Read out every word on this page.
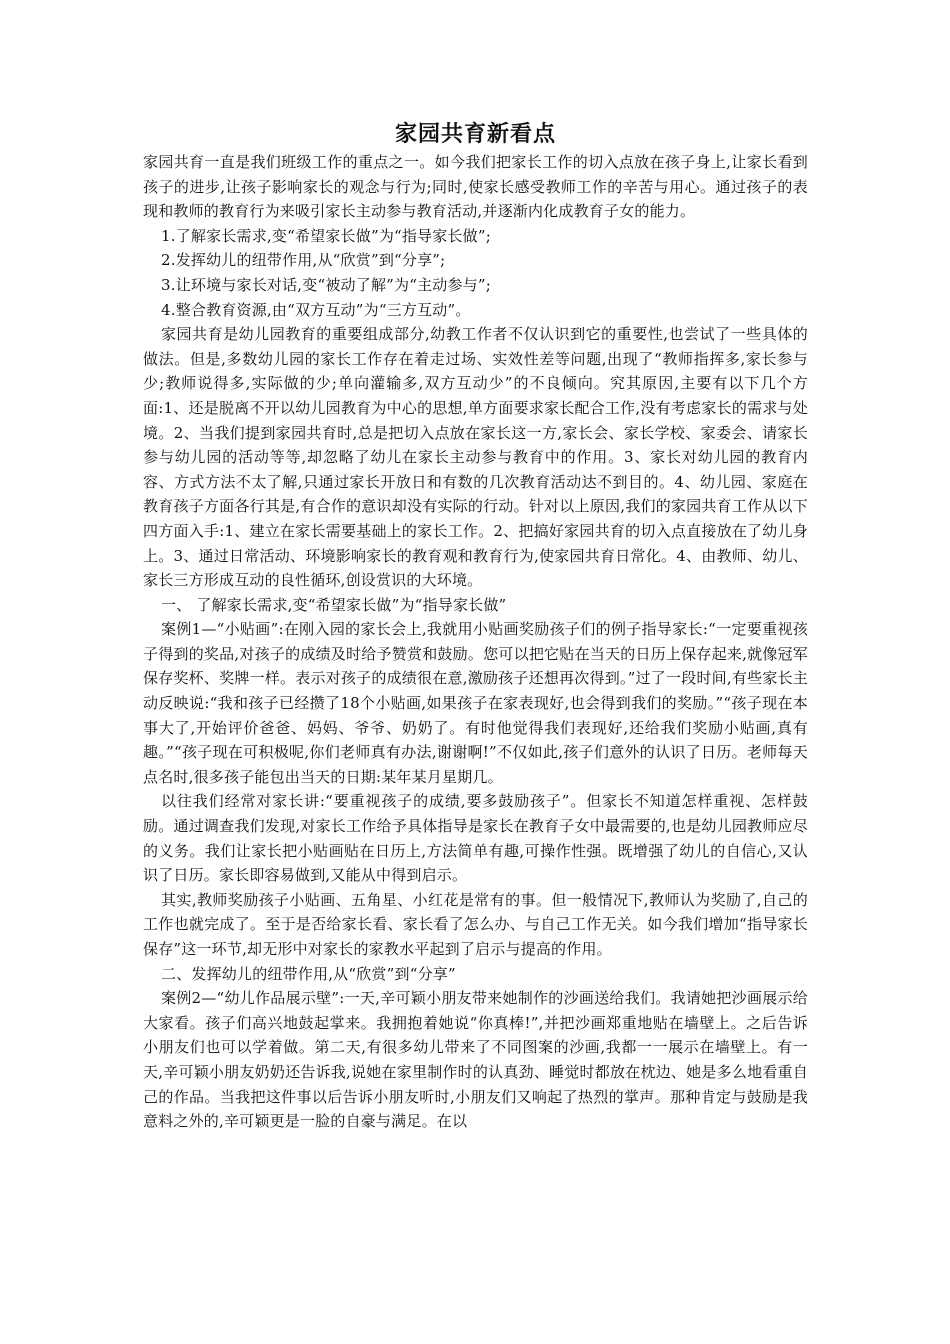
家园共育新看点

家园共育一直是我们班级工作的重点之一。如今我们把家长工作的切入点放在孩子身上,让家长看到孩子的进步,让孩子影响家长的观念与行为;同时,使家长感受教师工作的辛苦与用心。通过孩子的表现和教师的教育行为来吸引家长主动参与教育活动,并逐渐内化成教育子女的能力。

1.了解家长需求,变“希望家长做”为“指导家长做”;

2.发挥幼儿的纽带作用,从“欣赏”到“分享”;

3.让环境与家长对话,变“被动了解”为“主动参与”;

4.整合教育资源,由“双方互动”为“三方互动”。

家园共育是幼儿园教育的重要组成部分,幼教工作者不仅认识到它的重要性,也尝试了一些具体的做法。但是,多数幼儿园的家长工作存在着走过场、实效性差等问题,出现了“教师指挥多,家长参与少;教师说得多,实际做的少;单向灌输多,双方互动少”的不良倾向。究其原因,主要有以下几个方面:1、还是脱离不开以幼儿园教育为中心的思想,单方面要求家长配合工作,没有考虑家长的需求与处境。2、当我们提到家园共育时,总是把切入点放在家长这一方,家长会、家长学校、家委会、请家长参与幼儿园的活动等等,却忽略了幼儿在家长主动参与教育中的作用。3、家长对幼儿园的教育内容、方式方法不太了解,只通过家长开放日和有数的几次教育活动达不到目的。4、幼儿园、家庭在教育孩子方面各行其是,有合作的意识却没有实际的行动。针对以上原因,我们的家园共育工作从以下四方面入手:1、建立在家长需要基础上的家长工作。2、把搞好家园共育的切入点直接放在了幼儿身上。3、通过日常活动、环境影响家长的教育观和教育行为,使家园共育日常化。4、由教师、幼儿、家长三方形成互动的良性循环,创设赏识的大环境。

一、 了解家长需求,变“希望家长做”为“指导家长做”

案例1—“小贴画”:在刚入园的家长会上,我就用小贴画奖励孩子们的例子指导家长:“一定要重视孩子得到的奖品,对孩子的成绩及时给予赞赏和鼓励。您可以把它贴在当天的日历上保存起来,就像冠军保存奖杯、奖牌一样。表示对孩子的成绩很在意,激励孩子还想再次得到。”过了一段时间,有些家长主动反映说:“我和孩子已经攒了18个小贴画,如果孩子在家表现好,也会得到我们的奖励。”“孩子现在本事大了,开始评价爸爸、妈妈、爷爷、奶奶了。有时他觉得我们表现好,还给我们奖励小贴画,真有趣。”“孩子现在可积极呢,你们老师真有办法,谢谢啊!”不仅如此,孩子们意外的认识了日历。老师每天点名时,很多孩子能包出当天的日期:某年某月星期几。

以往我们经常对家长讲:“要重视孩子的成绩,要多鼓励孩子”。但家长不知道怎样重视、怎样鼓励。通过调查我们发现,对家长工作给予具体指导是家长在教育子女中最需要的,也是幼儿园教师应尽的义务。我们让家长把小贴画贴在日历上,方法简单有趣,可操作性强。既增强了幼儿的自信心,又认识了日历。家长即容易做到,又能从中得到启示。

其实,教师奖励孩子小贴画、五角星、小红花是常有的事。但一般情况下,教师认为奖励了,自己的工作也就完成了。至于是否给家长看、家长看了怎么办、与自己工作无关。如今我们增加“指导家长保存”这一环节,却无形中对家长的家教水平起到了启示与提高的作用。

二、发挥幼儿的纽带作用,从“欣赏”到“分享”

案例2—“幼儿作品展示壁”:一天,辛可颖小朋友带来她制作的沙画送给我们。我请她把沙画展示给大家看。孩子们高兴地鼓起掌来。我拥抱着她说“你真棒!”,并把沙画郑重地贴在墙壁上。之后告诉小朋友们也可以学着做。第二天,有很多幼儿带来了不同图案的沙画,我都一一展示在墙壁上。有一天,辛可颖小朋友奶奶还告诉我,说她在家里制作时的认真劲、睡觉时都放在枕边、她是多么地看重自己的作品。当我把这件事以后告诉小朋友听时,小朋友们又响起了热烈的掌声。那种肯定与鼓励是我意料之外的,辛可颖更是一脸的自豪与满足。在以
